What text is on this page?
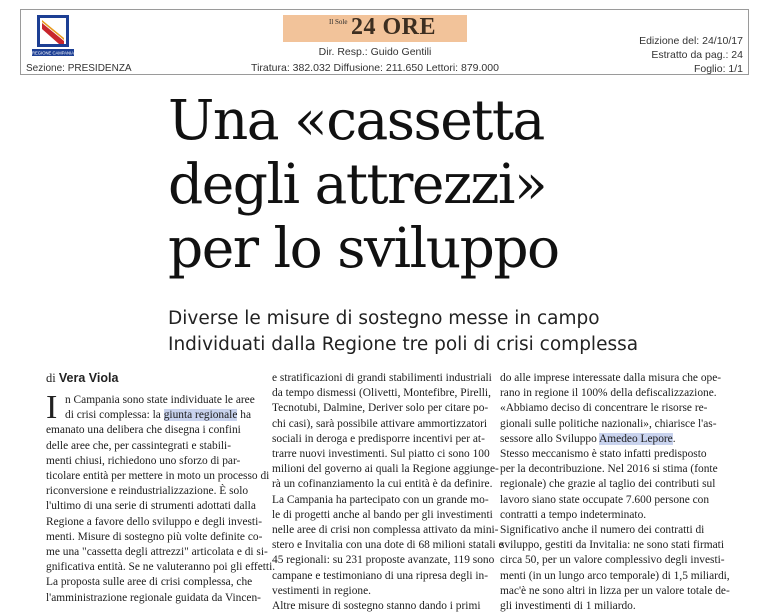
REGIONE CAMPANIA
Sezione: PRESIDENZA
Il Sole 24 ORE
Dir. Resp.: Guido Gentili
Tiratura: 382.032 Diffusione: 211.650 Lettori: 879.000
Edizione del: 24/10/17
Estratto da pag.: 24
Foglio: 1/1
Una «cassetta
degli attrezzi»
per lo sviluppo
Diverse le misure di sostegno messe in campo
Individuati dalla Regione tre poli di crisi complessa
di Vera Viola

I n Campania sono state individuate le aree

di crisi complessa: la giunta regionale ha

emanato una delibera che disegna i confini

delle aree che, per cassintegrati e stabili-

menti chiusi, richiedono uno sforzo di par-

ticolare entità per mettere in moto un processo di

riconversione e reindustrializzazione. È solo

l'ultimo di una serie di strumenti adottati dalla

Regione a favore dello sviluppo e degli investi-

menti. Misure di sostegno più volte definite co-

me una "cassetta degli attrezzi" articolata e di si-

gnificativa entità. Se ne valuteranno poi gli effetti.

La proposta sulle aree di crisi complessa, che

l'amministrazione regionale guidata da Vincen-

e stratificazioni di grandi stabilimenti industriali

da tempo dismessi (Olivetti, Montefibre, Pirelli,

Tecnotubi, Dalmine, Deriver solo per citare po-

chi casi), sarà possibile attivare ammortizzatori

sociali in deroga e predisporre incentivi per at-

trarre nuovi investimenti. Sul piatto ci sono 100

milioni del governo ai quali la Regione aggiunge-

rà un cofinanziamento la cui entità è da definire.

La Campania ha partecipato con un grande mo-

le di progetti anche al bando per gli investimenti

nelle aree di crisi non complessa attivato da mini-

stero e Invitalia con una dote di 68 milioni statali e

45 regionali: su 231 proposte avanzate, 119 sono

campane e testimoniano di una ripresa degli in-

vestimenti in regione.

Altre misure di sostegno stanno dando i primi

do alle imprese interessate dalla misura che ope-

rano in regione il 100% della defiscalizzazione.

«Abbiamo deciso di concentrare le risorse re-

gionali sulle politiche nazionali», chiarisce l'as-

sessore allo Sviluppo Amedeo Lepore.

Stesso meccanismo è stato infatti predisposto

per la decontribuzione. Nel 2016 si stima (fonte

regionale) che grazie al taglio dei contributi sul

lavoro siano state occupate 7.600 persone con

contratti a tempo indeterminato.

Significativo anche il numero dei contratti di

sviluppo, gestiti da Invitalia: ne sono stati firmati

circa 50, per un valore complessivo degli investi-

menti (in un lungo arco temporale) di 1,5 miliardi,

mac'è ne sono altri in lizza per un valore totale de-

gli investimenti di 1 miliardo.
